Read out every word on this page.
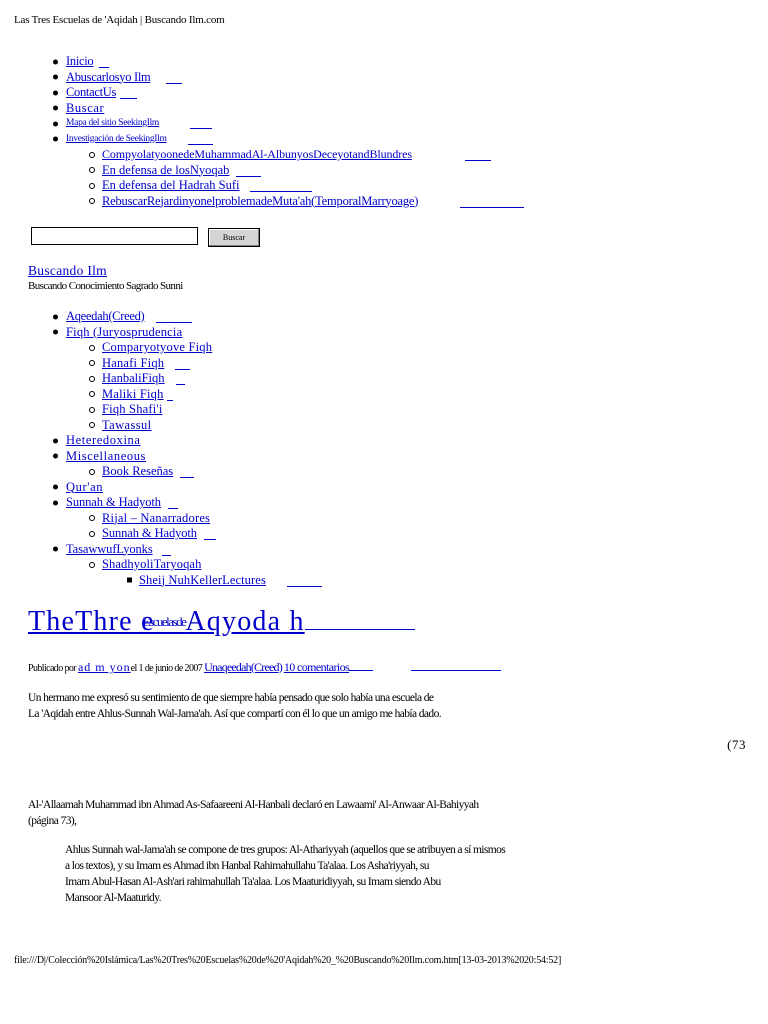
Las Tres Escuelas de 'Aqidah | Buscando Ilm.com
Inicio
Abuscarlosyo Ilm
ContactUs
Buscar
Mapa del sitio SeekingIlm
Investigación de SeekingIlm
CompyolatyoonedeMuhammadAl-AlbunyosDeceyotandBlundres
En defensa de losNyoqab
En defensa del Hadrah Sufi
RebuscarRejardinyonelproblemadeMuta'ah(TemporalMarryoage)
Buscar
Buscando Ilm
Buscando Conocimiento Sagrado Sunni
Aqeedah(Creed)
Fiqh (Juryosprudencia
Comparyotyove Fiqh
Hanafi Fiqh
HanbaliFiqh
Maliki Fiqh
Fiqh Shafi'i
Tawassul
Heteredoxina
Miscellaneous
Book Reseñas
Qur'an
Sunnah & Hadyoth
Rijal – Nanarradores
Sunnah & Hadyoth
TasawwufLyonks
ShadhyoliTaryoqah
Sheij NuhKellerLectures
TheThre eEscuelasdeAqyoda h
Publicado por ad m yonel 1 de junio de 2007 Unaqeedah(Creed) 10 comentarios
Un hermano me expresó su sentimiento de que siempre había pensado que solo había una escuela de
La 'Aqidah entre Ahlus-Sunnah Wal-Jama'ah. Así que compartí con él lo que un amigo me había dado.
(73
Al-'Allaamah Muhammad ibn Ahmad As-Safaareeni Al-Hanbali declaró en Lawaami' Al-Anwaar Al-Bahiyyah
(página 73),
Ahlus Sunnah wal-Jama'ah se compone de tres grupos: Al-Athariyyah (aquellos que se atribuyen a sí mismos
a los textos), y su Imam es Ahmad ibn Hanbal Rahimahullahu Ta'alaa. Los Asha'riyyah, su
Imam Abul-Hasan Al-Ash'ari rahimahullah Ta'alaa. Los Maaturidiyyah, su Imam siendo Abu
Mansoor Al-Maaturidy.
file:///D|/Colección%20Islámica/Las%20Tres%20Escuelas%20de%20'Aqidah%20_%20Buscando%20Ilm.com.htm[13-03-2013%2020:54:52]
